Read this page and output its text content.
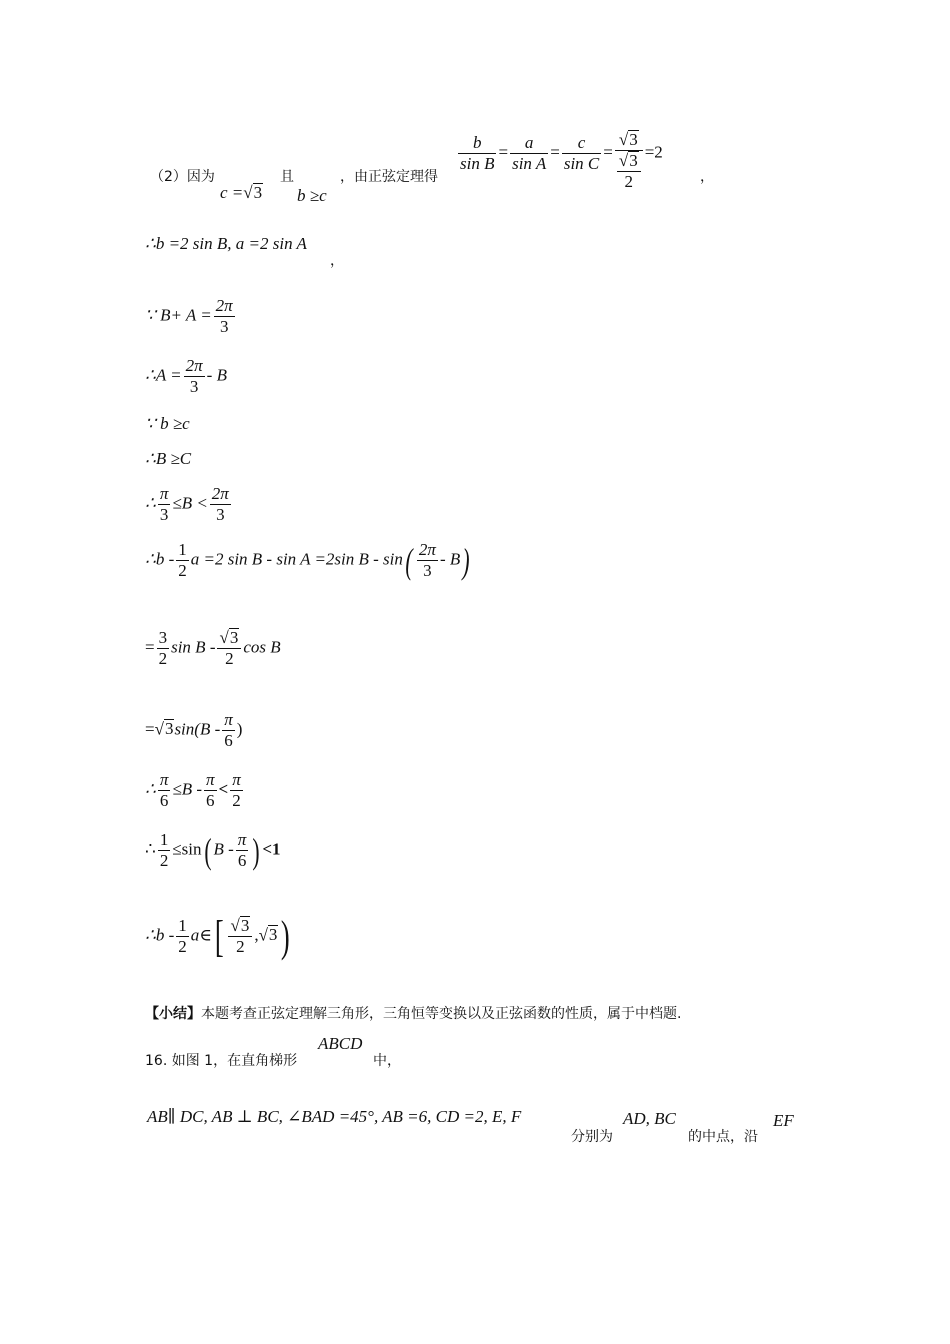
（2）因为
c =√3
且
b ≥c
，由正弦定理得
$\frac{b}{\text{sin B}} = \frac{a}{\text{sin A}} = \frac{c}{\text{sin C}} = \frac{√3}{\frac{√3}{2}} =2$
，
∴b =2 sin B, a =2 sin A
，
∵ $B+ A = \frac{2\pi}{3}$
∴A = $\frac{2\pi}{3}$ - B
∵ b ≥c
∴B ≥C
∴ $\frac{\pi}{3} \le B < \frac{2\pi}{3}$
∴b - $\frac{1}{2}$ a =2 sin B - sin A =2sin B - $\sin( \frac{2\pi}{3} - B)$
= $\frac{3}{2}$ sin B - $\frac{√3}{2}$ cos B
$=√3\sin(B - \frac{\pi}{6}$ )
∴ $\frac{\pi}{6} \le B - \frac{\pi}{6} < \frac{\pi}{2}$
∴ $\frac{1}{2} \le\sin$( B - $\frac{\pi}{6}$ ) <1
∴b - $\frac{1}{2}$ a∈[ $\frac{√3}{2} ,√3$)
【小结】本题考查正弦定理解三角形，三角恒等变换以及正弦函数的性质，属于中档题.
16. 如图 1，在直角梯形
ABCD
中，
AB∥ DC, AB ⊥ BC, ∠BAD =45°, AB =6, CD =2, E, F
分别为
AD, BC
的中点，沿
EF
